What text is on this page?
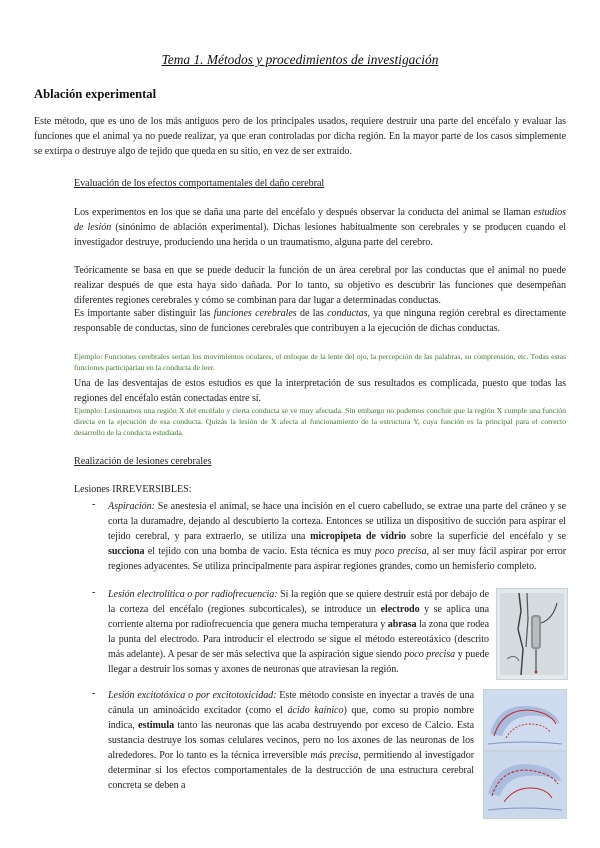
Tema 1. Métodos y procedimientos de investigación
Ablación experimental

Este método, que es uno de los más antiguos pero de los principales usados, requiere destruir una parte del encéfalo y evaluar las funciones que el animal ya no puede realizar, ya que eran controladas por dicha región. En la mayor parte de los casos simplemente se extirpa o destruye algo de tejido que queda en su sitio, en vez de ser extraído.

Evaluación de los efectos comportamentales del daño cerebral

Los experimentos en los que se daña una parte del encéfalo y después observar la conducta del animal se llaman estudios de lesión (sinónimo de ablación experimental). Dichas lesiones habitualmente son cerebrales y se producen cuando el investigador destruye, produciendo una herida o un traumatismo, alguna parte del cerebro.

Teóricamente se basa en que se puede deducir la función de un área cerebral por las conductas que el animal no puede realizar después de que esta haya sido dañada. Por lo tanto, su objetivo es descubrir las funciones que desempeñan diferentes regiones cerebrales y cómo se combinan para dar lugar a determinadas conductas.

Es importante saber distinguir las funciones cerebrales de las conductas, ya que ninguna región cerebral es directamente responsable de conductas, sino de funciones cerebrales que contribuyen a la ejecución de dichas conductas.

Ejemplo: Funciones cerebrales serían los movimientos oculares, el enfoque de la lente del ojo, la percepción de las palabras, su comprensión, etc. Todas estas funciones participarían en la conducta de leer.

Una de las desventajas de estos estudios es que la interpretación de sus resultados es complicada, puesto que todas las regiones del encéfalo están conectadas entre sí.

Ejemplo: Lesionamos una región X del encéfalo y cierta conducta se ve muy afectada. Sin embargo no podemos concluir que la región X cumple una función directa en la ejecución de esa conducta. Quizás la lesión de X afecta al funcionamiento de la estructura Y, cuya función es la principal para el correcto desarrollo de la conducta estudiada.

Realización de lesiones cerebrales
Lesiones IRREVERSIBLES:
- Aspiración: Se anestesia el animal, se hace una incisión en el cuero cabelludo, se extrae una parte del cráneo y se corta la duramadre, dejando al descubierto la corteza. Entonces se utiliza un dispositivo de succión para aspirar el tejido cerebral, y para extraerlo, se utiliza una micropipeta de vidrio sobre la superficie del encéfalo y se succiona el tejido con una bomba de vacío. Esta técnica es muy poco precisa, al ser muy fácil aspirar por error regiones adyacentes. Se utiliza principalmente para aspirar regiones grandes, como un hemisferio completo.

- Lesión electrolítica o por radiofrecuencia: Si la región que se quiere destruir está por debajo de la corteza del encéfalo (regiones subcorticales), se introduce un electrodo y se aplica una corriente alterna por radiofrecuencia que genera mucha temperatura y abrasa la zona que rodea la punta del electrodo. Para introducir el electrodo se sigue el método estereotáxico (descrito más adelante). A pesar de ser más selectiva que la aspiración sigue siendo poco precisa y puede llegar a destruir los somas y axones de neuronas que atraviesan la región.

- Lesión excitotóxica o por excitotoxicidad: Este método consiste en inyectar a través de una cánula un aminoácido excitador (como el ácido kaínico) que, como su propio nombre indica, estimula tanto las neuronas que las acaba destruyendo por exceso de Calcio. Esta sustancia destruye los somas celulares vecinos, pero no los axones de las neuronas de los alrededores. Por lo tanto es la técnica irreversible más precisa, permitiendo al investigador determinar si los efectos comportamentales de la destrucción de una estructura cerebral concreta se deben a
